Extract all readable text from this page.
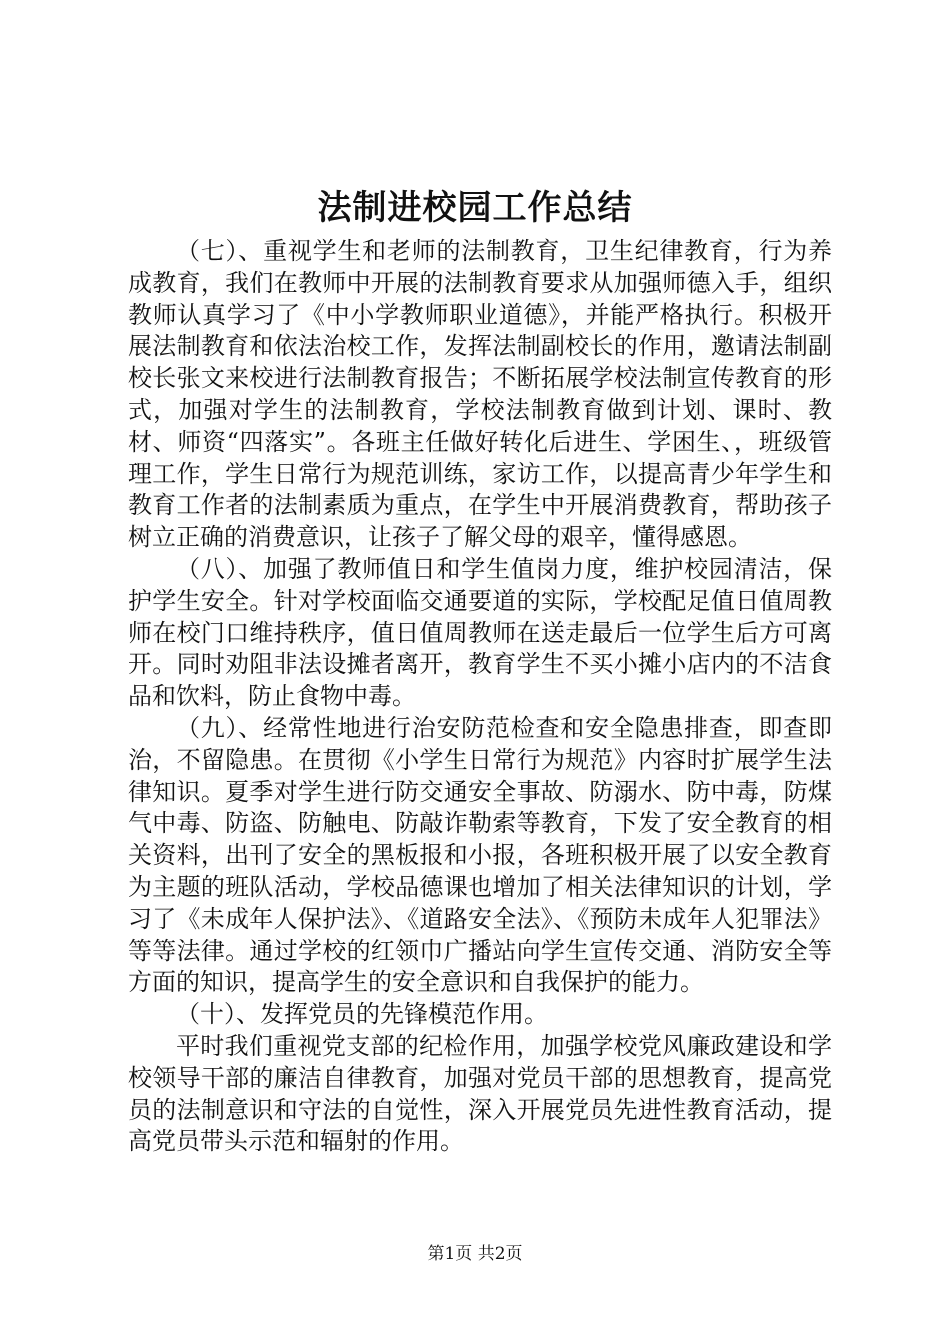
法制进校园工作总结

（七）、重视学生和老师的法制教育，卫生纪律教育，行为养成教育，我们在教师中开展的法制教育要求从加强师德入手，组织教师认真学习了《中小学教师职业道德》，并能严格执行。积极开展法制教育和依法治校工作，发挥法制副校长的作用，邀请法制副校长张文来校进行法制教育报告；不断拓展学校法制宣传教育的形式，加强对学生的法制教育，学校法制教育做到计划、课时、教材、师资“四落实”。各班主任做好转化后进生、学困生、，班级管理工作，学生日常行为规范训练，家访工作，以提高青少年学生和教育工作者的法制素质为重点，在学生中开展消费教育，帮助孩子树立正确的消费意识，让孩子了解父母的艰辛，懂得感恩。

（八）、加强了教师值日和学生值岗力度，维护校园清洁，保护学生安全。针对学校面临交通要道的实际，学校配足值日值周教师在校门口维持秩序，值日值周教师在送走最后一位学生后方可离开。同时劝阻非法设摊者离开，教育学生不买小摊小店内的不洁食品和饮料，防止食物中毒。

（九）、经常性地进行治安防范检查和安全隐患排查，即查即治，不留隐患。在贯彻《小学生日常行为规范》内容时扩展学生法律知识。夏季对学生进行防交通安全事故、防溺水、防中毒，防煤气中毒、防盗、防触电、防敲诈勒索等教育，下发了安全教育的相关资料，出刊了安全的黑板报和小报，各班积极开展了以安全教育为主题的班队活动，学校品德课也增加了相关法律知识的计划，学习了《未成年人保护法》、《道路安全法》、《预防未成年人犯罪法》等等法律。通过学校的红领巾广播站向学生宣传交通、消防安全等方面的知识，提高学生的安全意识和自我保护的能力。

（十）、发挥党员的先锋模范作用。

平时我们重视党支部的纪检作用，加强学校党风廉政建设和学校领导干部的廉洁自律教育，加强对党员干部的思想教育，提高党员的法制意识和守法的自觉性，深入开展党员先进性教育活动，提高党员带头示范和辐射的作用。

第1页 共2页
